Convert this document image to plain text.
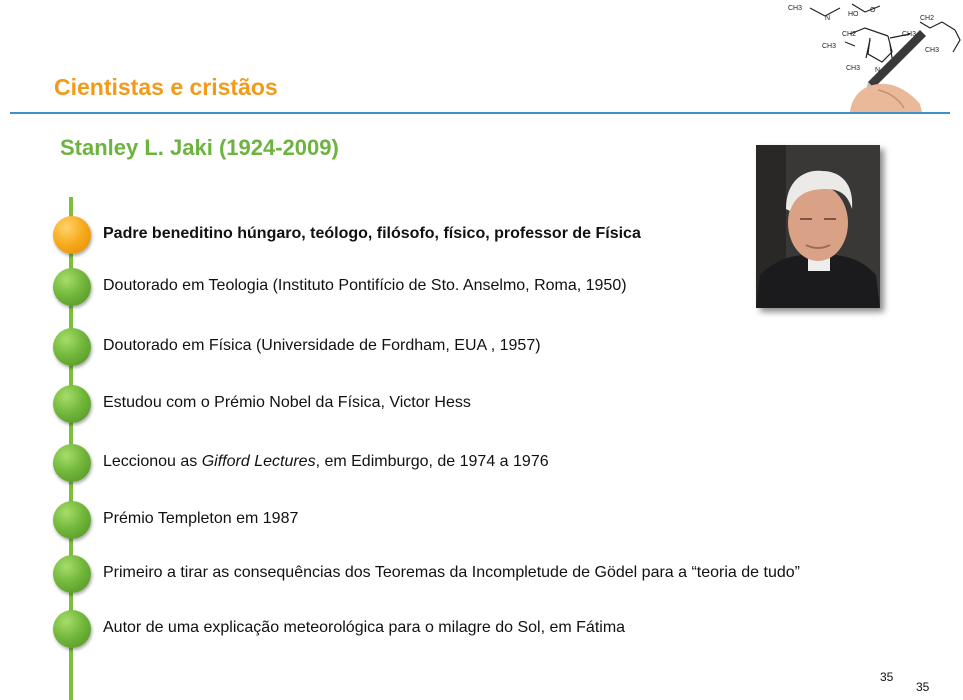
CH3
N
HO
O
CH2
CH3
CH2
CH3
CH3
CH3 N
Cientistas e cristãos
Stanley L. Jaki (1924-2009)
Padre beneditino húngaro, teólogo, filósofo, físico, professor de Física
Doutorado em Teologia (Instituto Pontifício de Sto. Anselmo, Roma, 1950)
Doutorado em Física (Universidade de Fordham, EUA , 1957)
Estudou com o Prémio Nobel da Física, Victor Hess
Leccionou as Gifford Lectures, em Edimburgo, de 1974 a 1976
Prémio Templeton em 1987
Primeiro a tirar as consequências dos Teoremas da Incompletude de Gödel para a “teoria de tudo”
Autor de uma explicação meteorológica para o milagre do Sol, em Fátima
35
35
